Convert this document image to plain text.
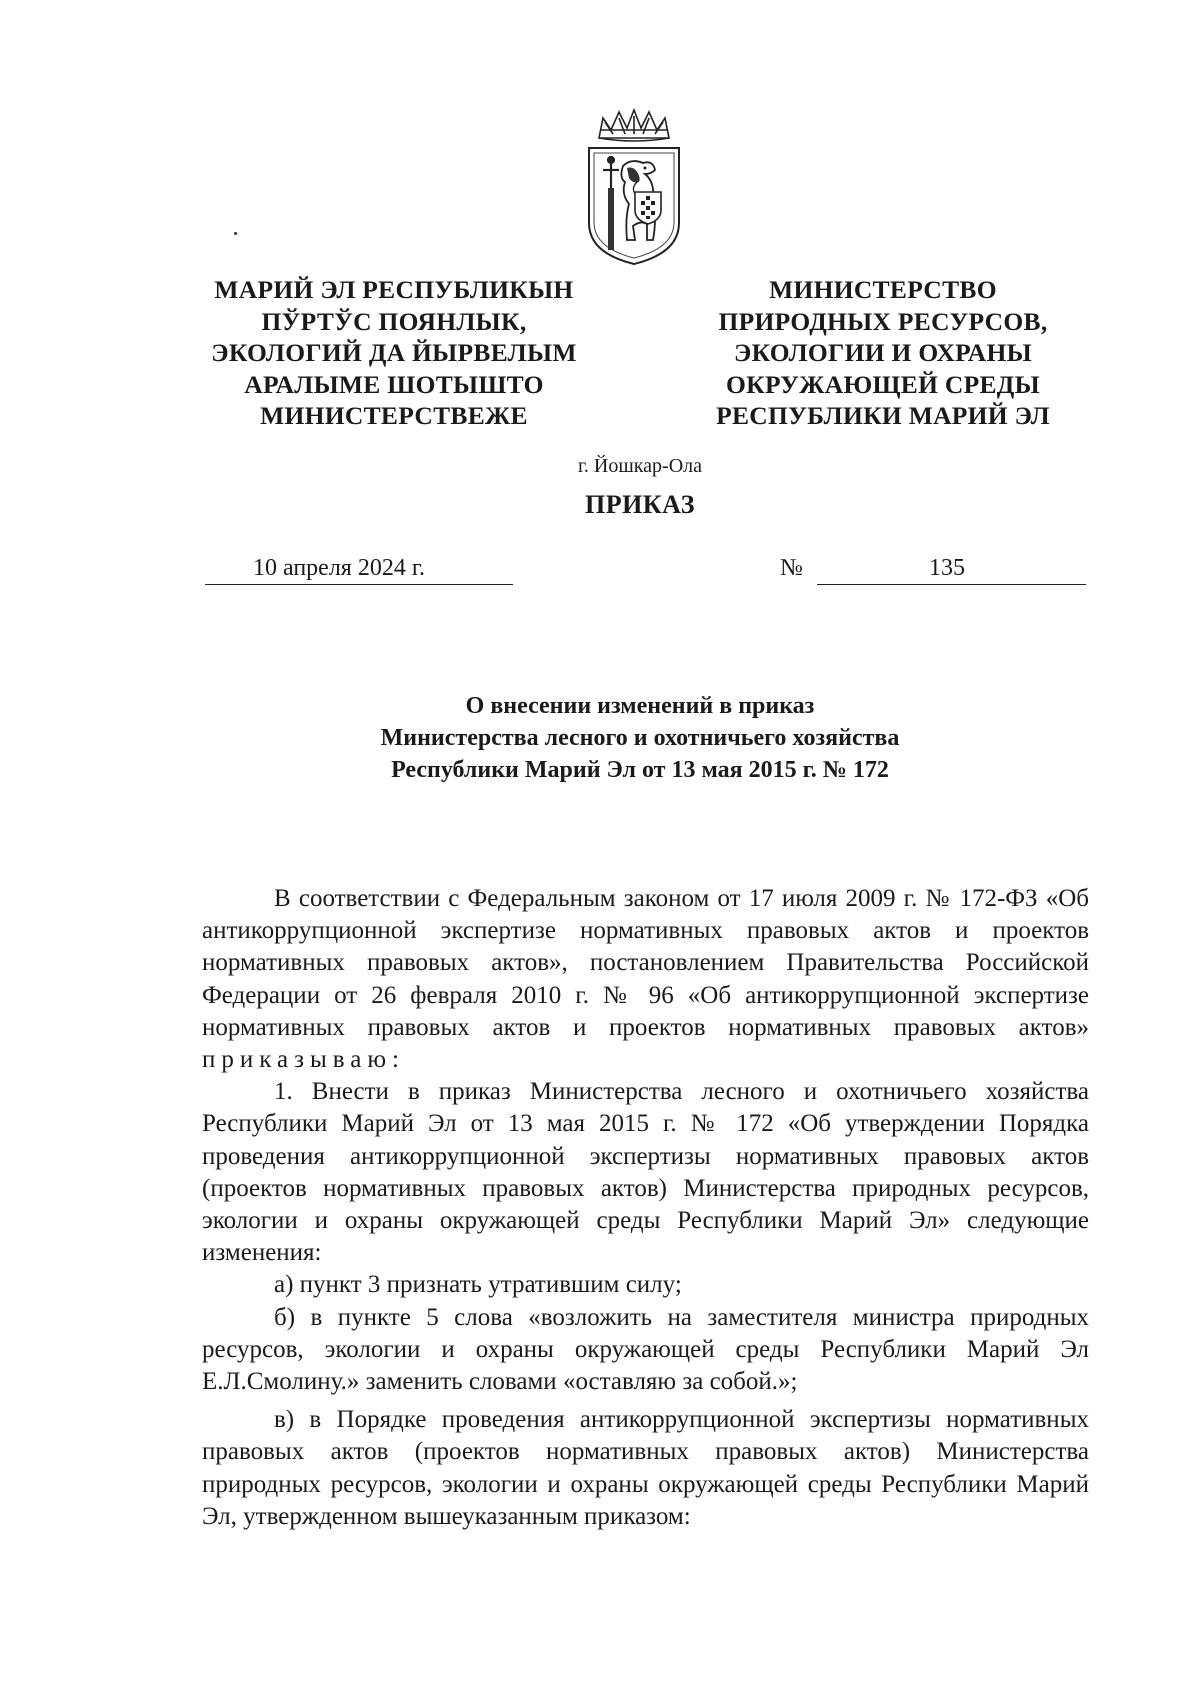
МАРИЙ ЭЛ РЕСПУБЛИКЫН
ПЎРТЎС ПОЯНЛЫК,
ЭКОЛОГИЙ ДА ЙЫРВЕЛЫМ
АРАЛЫМЕ ШОТЫШТО
МИНИСТЕРСТВЕЖЕ
МИНИСТЕРСТВО
ПРИРОДНЫХ РЕСУРСОВ,
ЭКОЛОГИИ И ОХРАНЫ
ОКРУЖАЮЩЕЙ СРЕДЫ
РЕСПУБЛИКИ МАРИЙ ЭЛ
г. Йошкар-Ола
ПРИКАЗ
10 апреля 2024 г.	№	135
О внесении изменений в приказ
Министерства лесного и охотничьего хозяйства
Республики Марий Эл от 13 мая 2015 г. № 172

В соответствии с Федеральным законом от 17 июля 2009 г. № 172-ФЗ «Об антикоррупционной экспертизе нормативных правовых актов и проектов нормативных правовых актов», постановлением Правительства Российской Федерации от 26 февраля 2010 г. № 96 «Об антикоррупционной экспертизе нормативных правовых актов и проектов нормативных правовых актов» приказываю:

1. Внести в приказ Министерства лесного и охотничьего хозяйства Республики Марий Эл от 13 мая 2015 г. № 172 «Об утверждении Порядка проведения антикоррупционной экспертизы нормативных правовых актов (проектов нормативных правовых актов) Министерства природных ресурсов, экологии и охраны окружающей среды Республики Марий Эл» следующие изменения:

а) пункт 3 признать утратившим силу;

б) в пункте 5 слова «возложить на заместителя министра природных ресурсов, экологии и охраны окружающей среды Республики Марий Эл Е.Л.Смолину.» заменить словами «оставляю за собой.»;

в) в Порядке проведения антикоррупционной экспертизы нормативных правовых актов (проектов нормативных правовых актов) Министерства природных ресурсов, экологии и охраны окружающей среды Республики Марий Эл, утвержденном вышеуказанным приказом:
